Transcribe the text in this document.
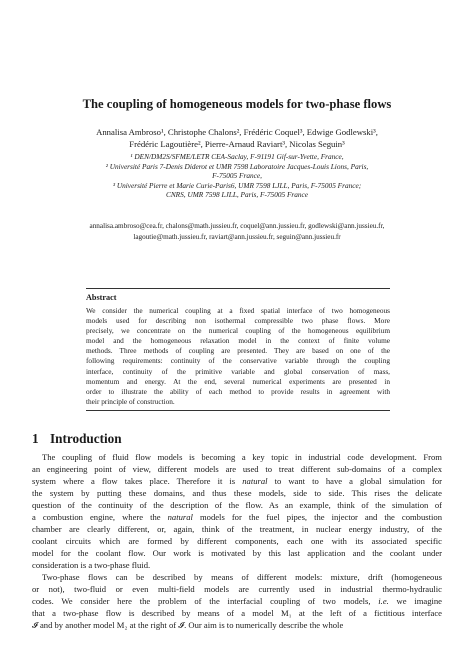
The coupling of homogeneous models for two-phase flows
Annalisa Ambroso¹, Christophe Chalons², Frédéric Coquel³, Edwige Godlewski³,
Frédéric Lagoutière², Pierre-Arnaud Raviart³, Nicolas Seguin³
¹ DEN/DM2S/SFME/LETR CEA-Saclay, F-91191 Gif-sur-Yvette, France,
² Université Paris 7-Denis Diderot et UMR 7598 Laboratoire Jacques-Louis Lions, Paris,
F-75005 France,
³ Université Pierre et Marie Curie-Paris6, UMR 7598 LJLL, Paris, F-75005 France;
CNRS, UMR 7598 LJLL, Paris, F-75005 France
annalisa.ambroso@cea.fr, chalons@math.jussieu.fr, coquel@ann.jussieu.fr, godlewski@ann.jussieu.fr,
lagoutie@math.jussieu.fr, raviart@ann.jussieu.fr, seguin@ann.jussieu.fr
Abstract
We consider the numerical coupling at a fixed spatial interface of two homogeneous
models used for describing non isothermal compressible two phase flows. More
precisely, we concentrate on the numerical coupling of the homogeneous equilibrium
model and the homogeneous relaxation model in the context of finite volume
methods. Three methods of coupling are presented. They are based on one of the
following requirements: continuity of the conservative variable through the coupling
interface, continuity of the primitive variable and global conservation of mass,
momentum and energy. At the end, several numerical experiments are presented in
order to illustrate the ability of each method to provide results in agreement with
their principle of construction.
1 Introduction
The coupling of fluid flow models is becoming a key topic in industrial code development. From
an engineering point of view, different models are used to treat different sub-domains of a complex
system where a flow takes place. Therefore it is natural to want to have a global simulation for
the system by putting these domains, and thus these models, side to side. This rises the delicate
question of the continuity of the description of the flow. As an example, think of the simulation of
a combustion engine, where the natural models for the fuel pipes, the injector and the combustion
chamber are clearly different, or, again, think of the treatment, in nuclear energy industry, of the
coolant circuits which are formed by different components, each one with its associated specific
model for the coolant flow. Our work is motivated by this last application and the coolant under
consideration is a two-phase fluid.
Two-phase flows can be described by means of different models: mixture, drift (homogeneous
or not), two-fluid or even multi-field models are currently used in industrial thermo-hydraulic
codes. We consider here the problem of the interfacial coupling of two models, i.e. we imagine
that a two-phase flow is described by means of a model M₁ at the left of a fictitious interface
𝓘 and by another model M₂ at the right of 𝓘. Our aim is to numerically describe the whole
